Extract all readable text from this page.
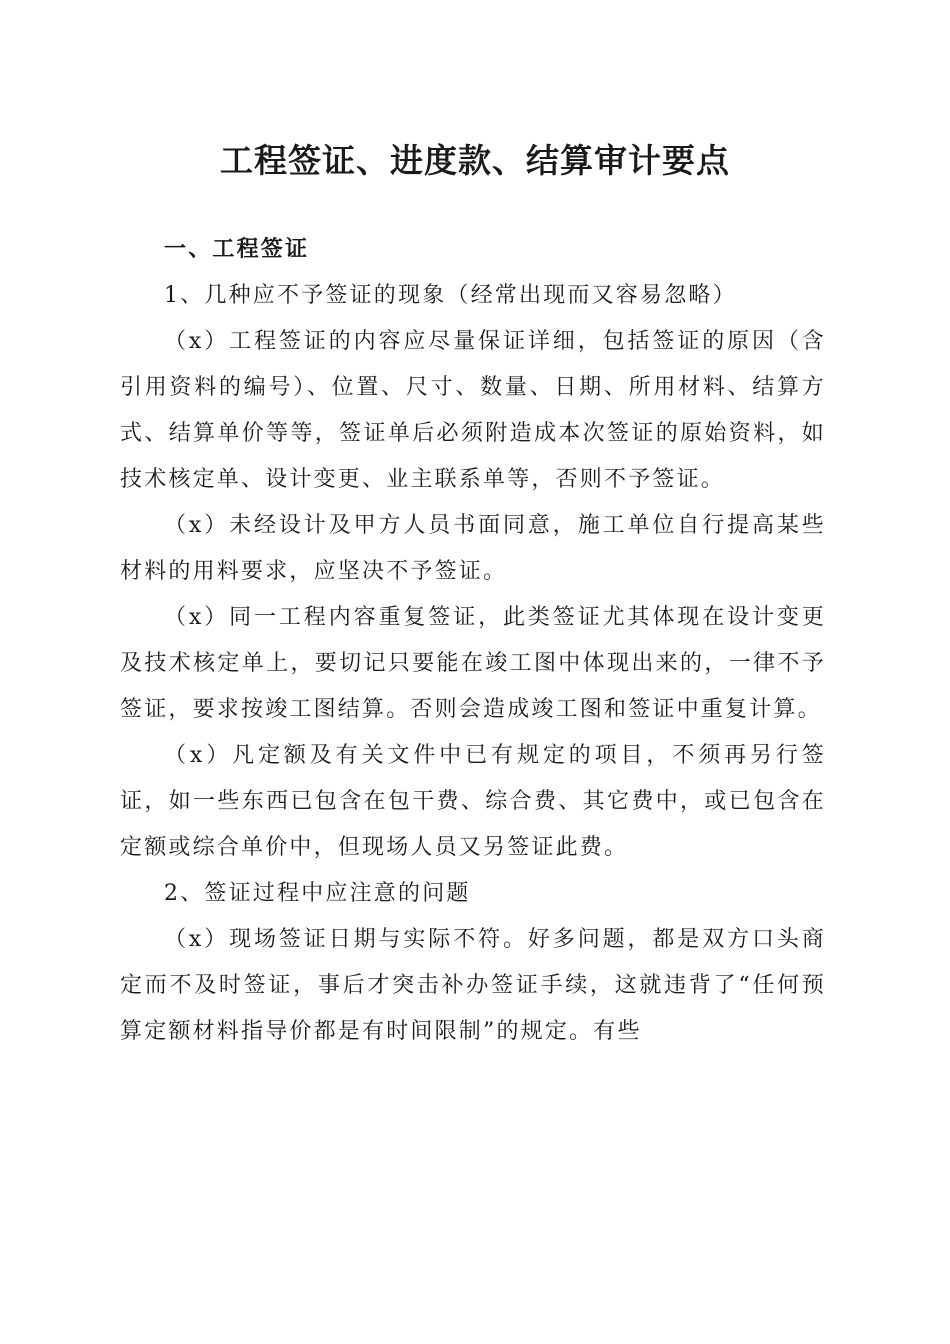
工程签证、进度款、结算审计要点
一、工程签证

1、几种应不予签证的现象（经常出现而又容易忽略）

（x）工程签证的内容应尽量保证详细，包括签证的原因（含引用资料的编号）、位置、尺寸、数量、日期、所用材料、结算方式、结算单价等等，签证单后必须附造成本次签证的原始资料，如技术核定单、设计变更、业主联系单等，否则不予签证。

（x）未经设计及甲方人员书面同意，施工单位自行提高某些材料的用料要求，应坚决不予签证。

（x）同一工程内容重复签证，此类签证尤其体现在设计变更及技术核定单上，要切记只要能在竣工图中体现出来的，一律不予签证，要求按竣工图结算。否则会造成竣工图和签证中重复计算。

（x）凡定额及有关文件中已有规定的项目，不须再另行签证，如一些东西已包含在包干费、综合费、其它费中，或已包含在定额或综合单价中，但现场人员又另签证此费。

2、签证过程中应注意的问题

（x）现场签证日期与实际不符。好多问题，都是双方口头商定而不及时签证，事后才突击补办签证手续，这就违背了“任何预算定额材料指导价都是有时间限制”的规定。有些
